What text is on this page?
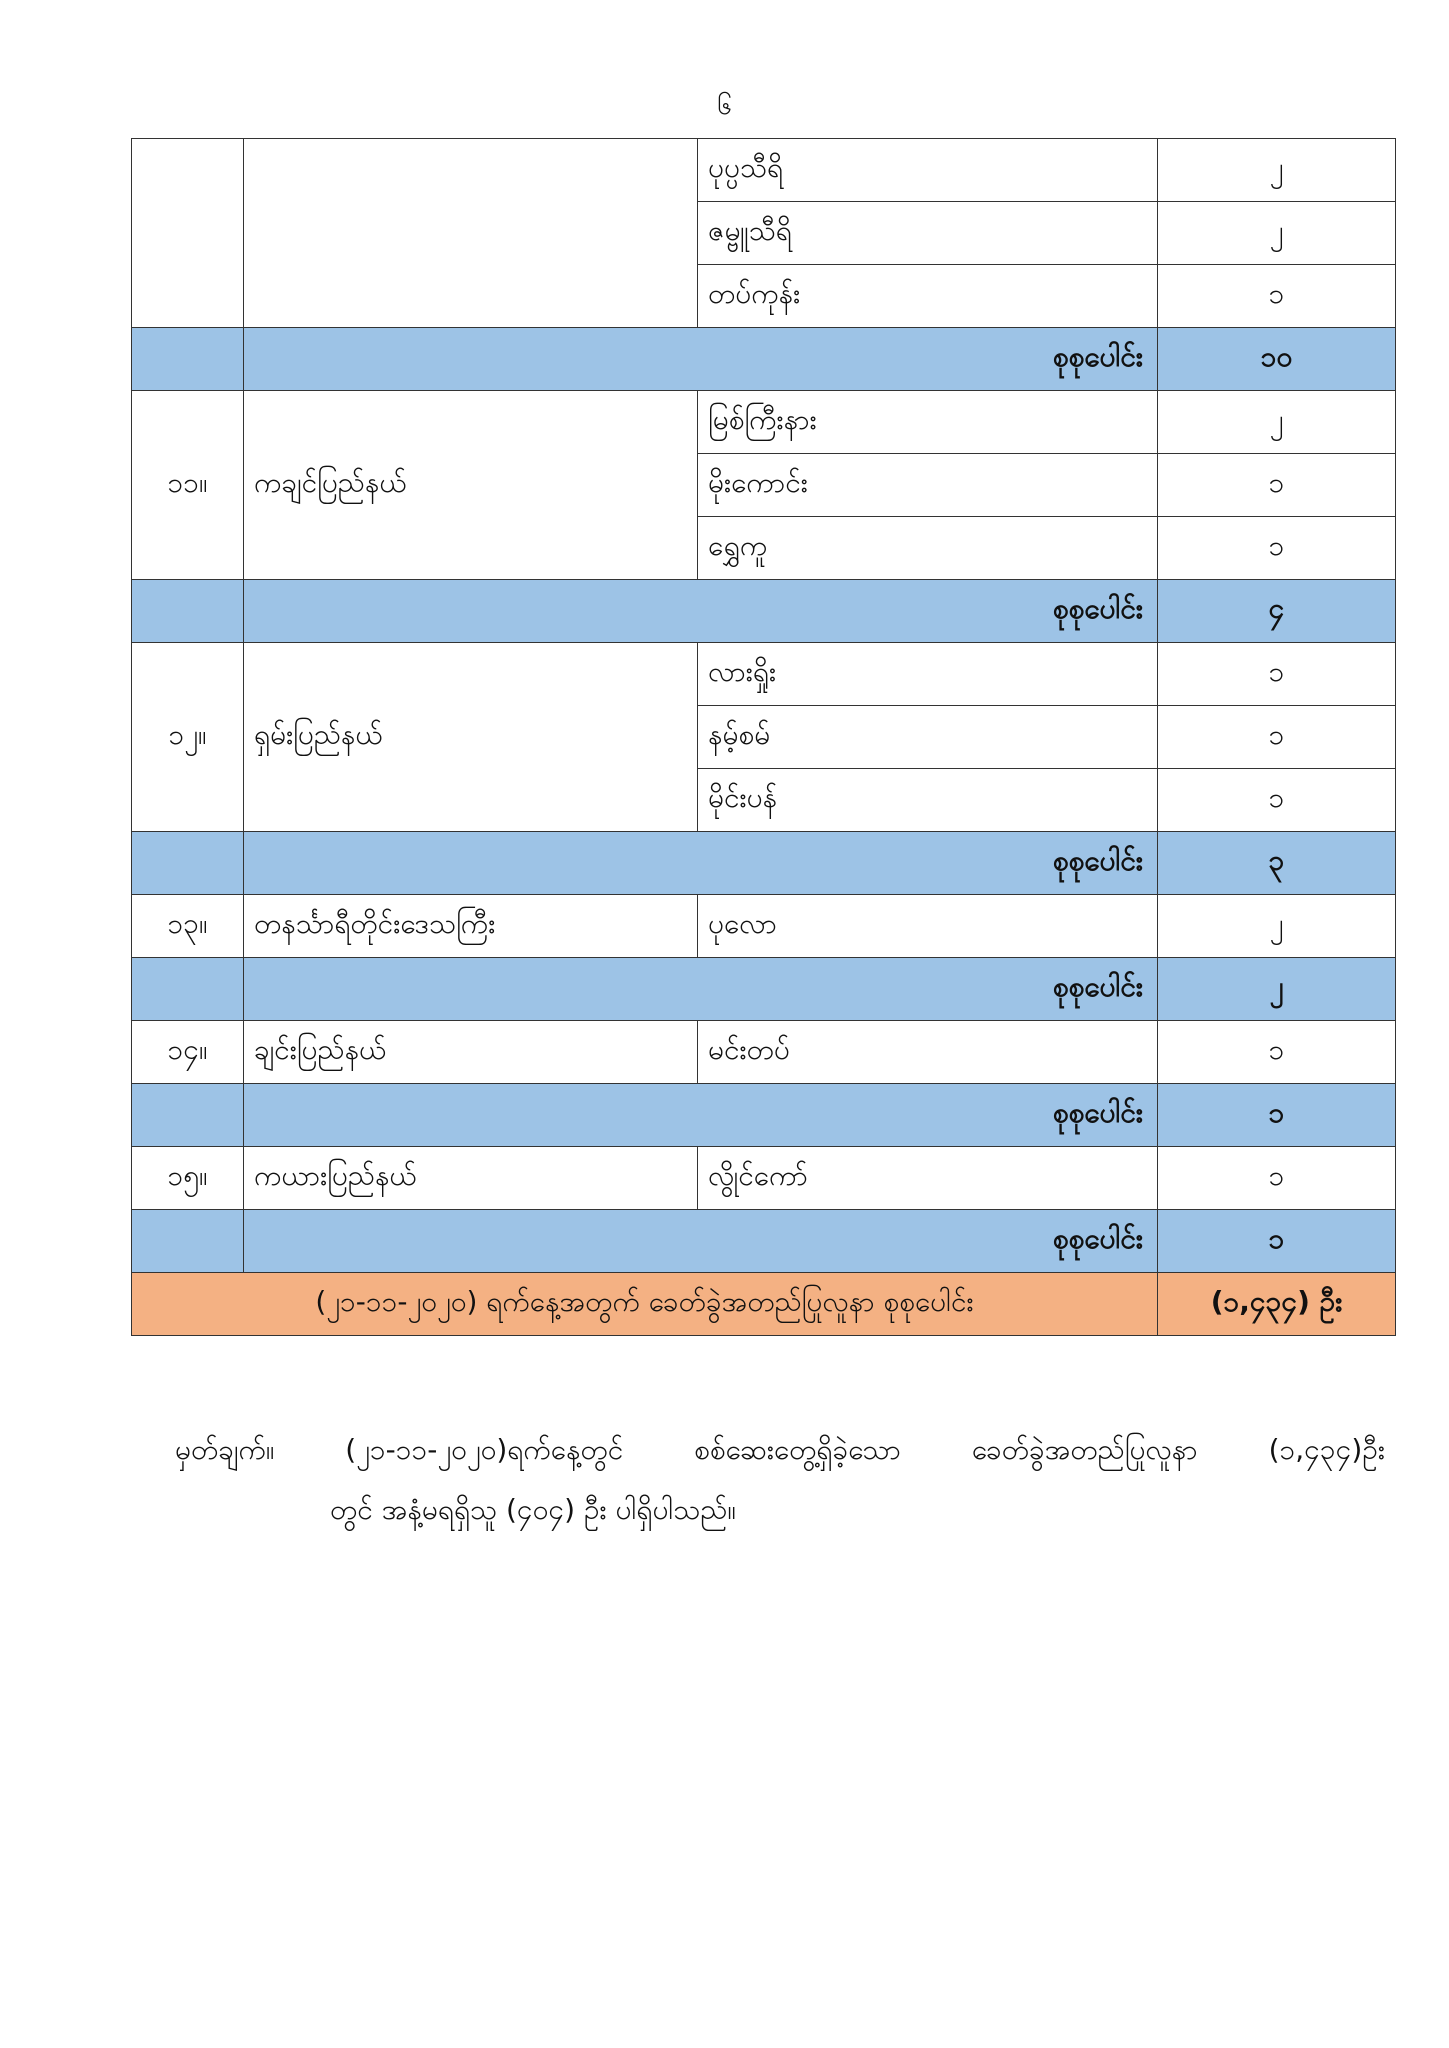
၆
		ပုပ္ပသီရိ	၂
		ဇမ္ဗူသီရိ	၂
		တပ်ကုန်း	၁
	စုစုပေါင်း		၁၀
၁၁။	ကချင်ပြည်နယ်	မြစ်ကြီးနား	၂
		မိုးကောင်း	၁
		ရွှေကူ	၁
	စုစုပေါင်း		၄
၁၂။	ရှမ်းပြည်နယ်	လားရှိုး	၁
		နမ့်စမ်	၁
		မိုင်းပန်	၁
	စုစုပေါင်း		၃
၁၃။	တနင်္သာရီတိုင်းဒေသကြီး	ပုလော	၂
	စုစုပေါင်း		၂
၁၄။	ချင်းပြည်နယ်	မင်းတပ်	၁
	စုစုပေါင်း		၁
၁၅။	ကယားပြည်နယ်	လွိုင်ကော်	၁
	စုစုပေါင်း		၁
(၂၁-၁၁-၂၀၂၀) ရက်နေ့အတွက် ခေတ်ခွဲအတည်ပြုလူနာ စုစုပေါင်း			(၁,၄၃၄) ဦး
မှတ်ချက်။	(၂၁-၁၁-၂၀၂၀)ရက်နေ့တွင်	စစ်ဆေးတွေ့ရှိခဲ့သော	ခေတ်ခွဲအတည်ပြုလူနာ	(၁,၄၃၄)ဦး
တွင် အနံ့မရရှိသူ (၄၀၄) ဦး ပါရှိပါသည်။
